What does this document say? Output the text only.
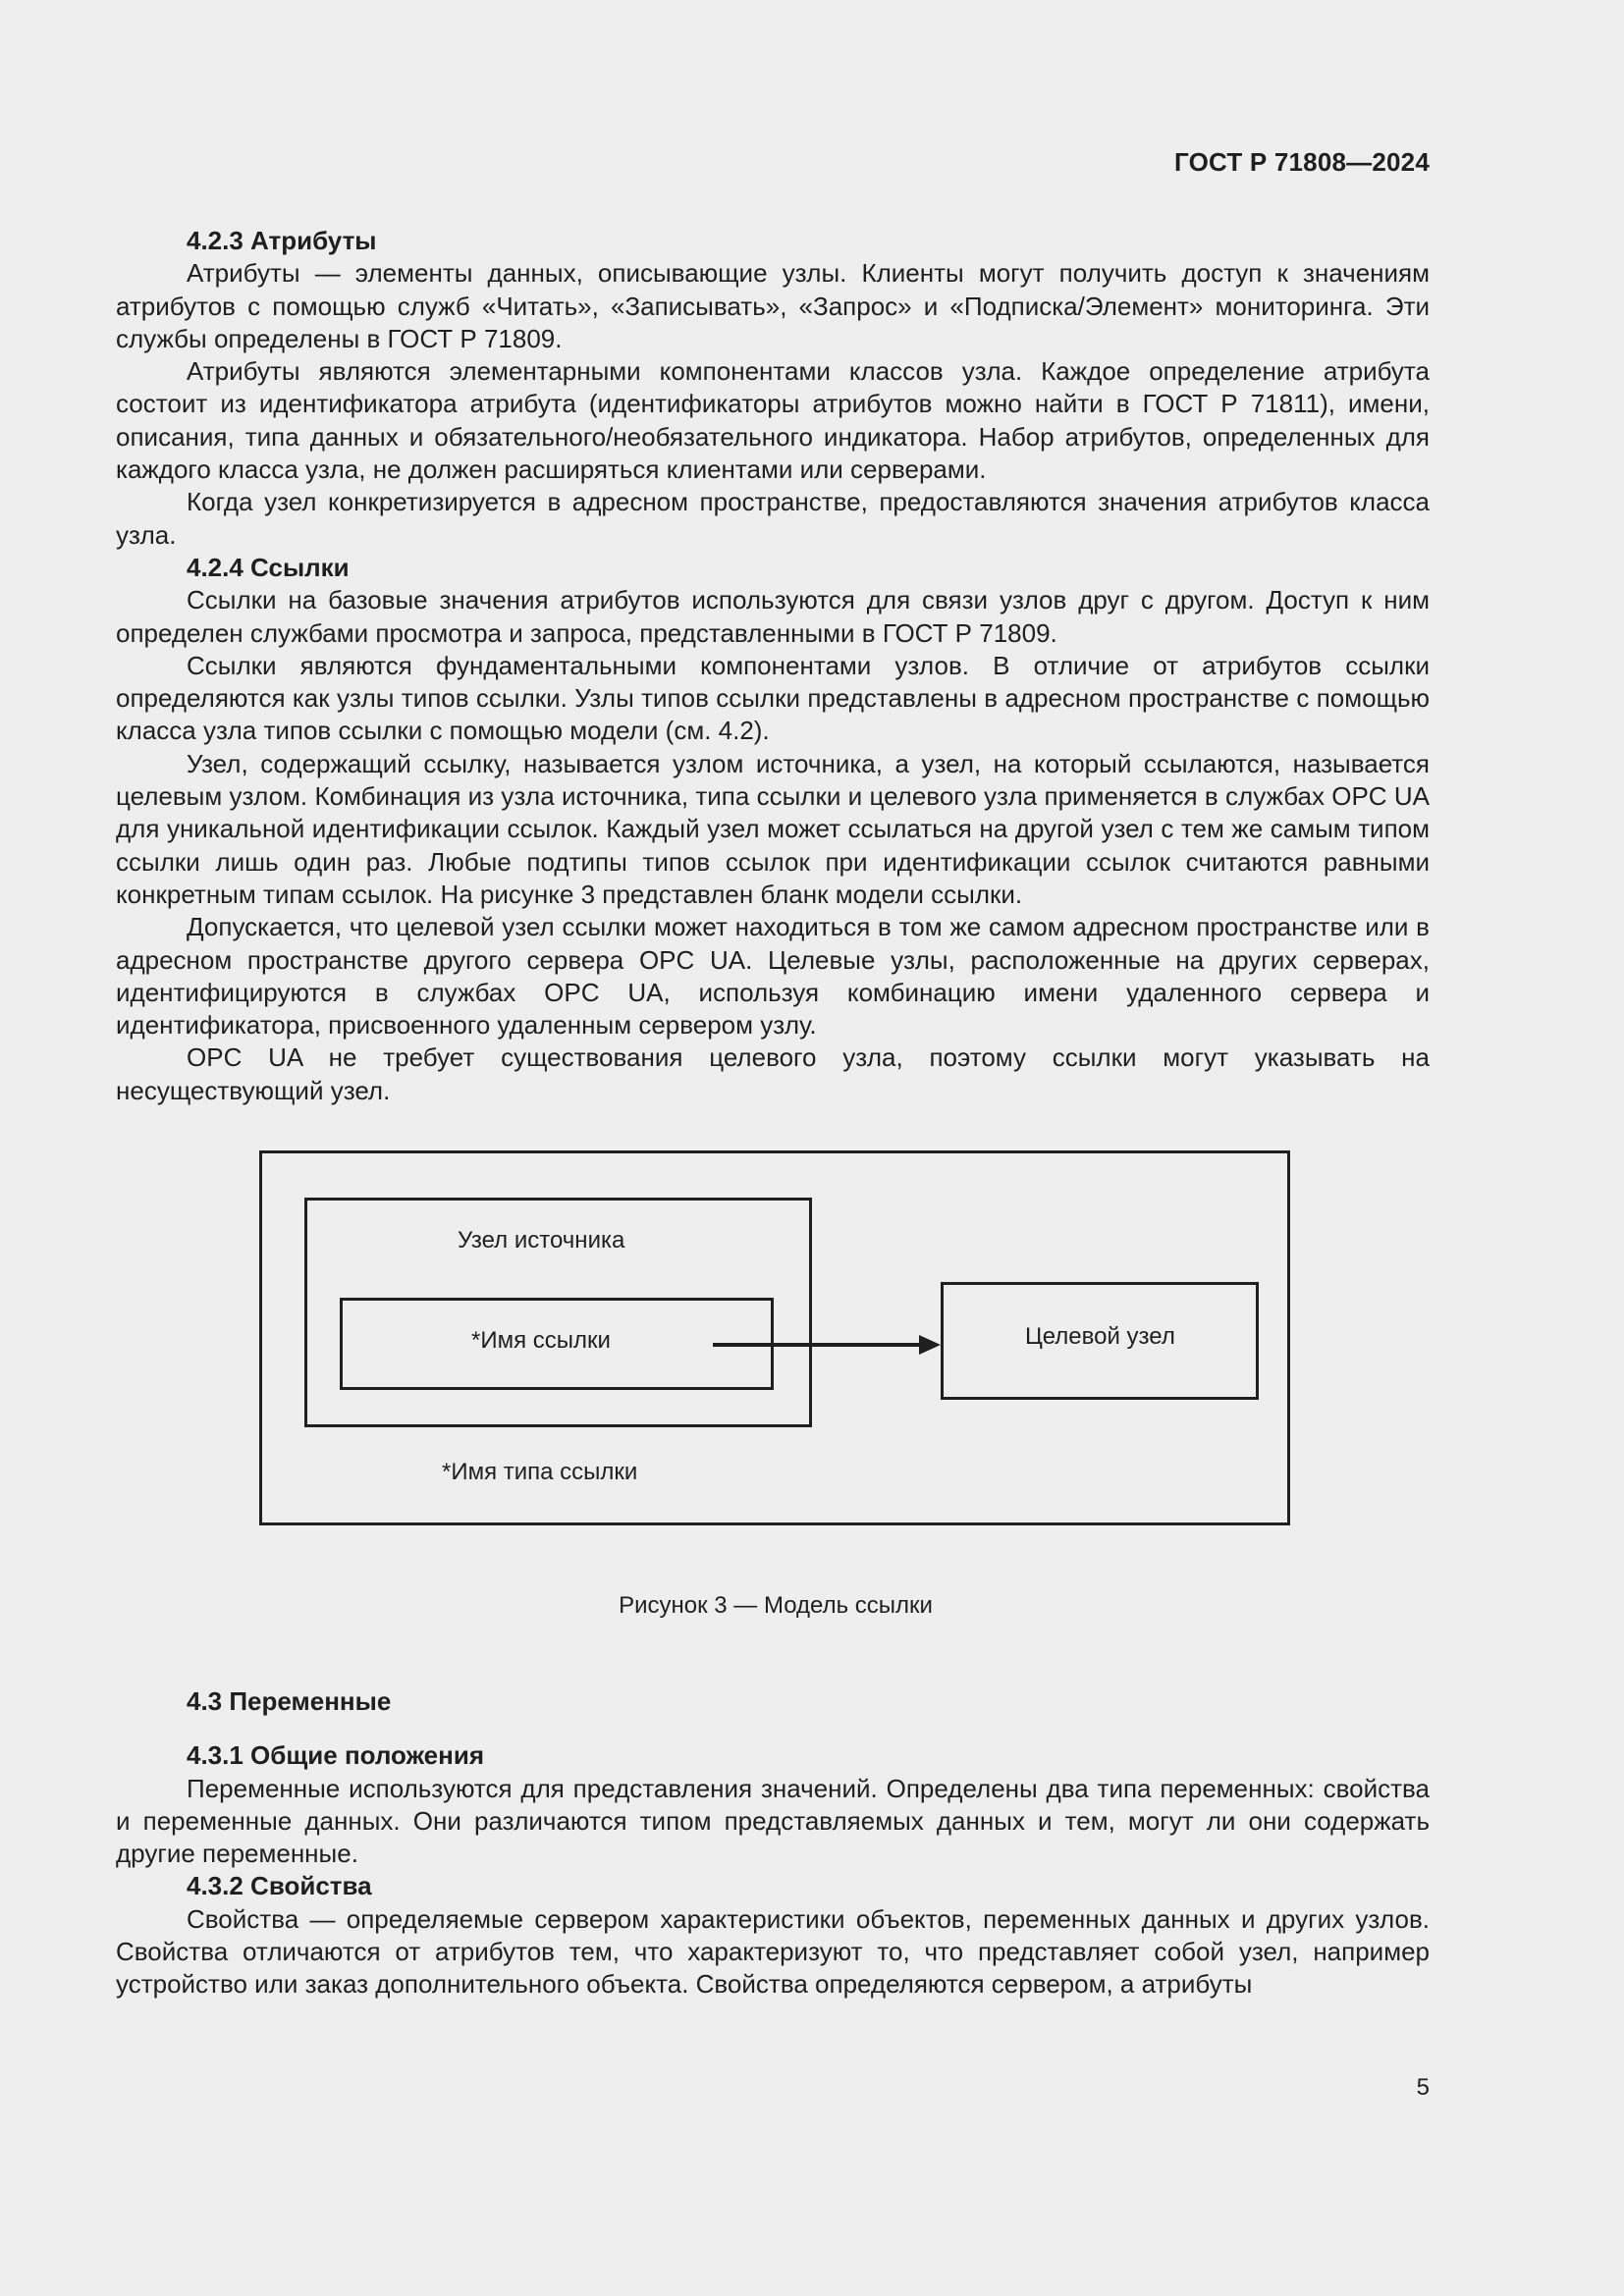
ГОСТ Р 71808—2024
4.2.3 Атрибуты

Атрибуты — элементы данных, описывающие узлы. Клиенты могут получить доступ к значениям атрибутов с помощью служб «Читать», «Записывать», «Запрос» и «Подписка/Элемент» мониторинга. Эти службы определены в ГОСТ Р 71809.

Атрибуты являются элементарными компонентами классов узла. Каждое определение атрибута состоит из идентификатора атрибута (идентификаторы атрибутов можно найти в ГОСТ Р 71811), имени, описания, типа данных и обязательного/необязательного индикатора. Набор атрибутов, определенных для каждого класса узла, не должен расширяться клиентами или серверами.

Когда узел конкретизируется в адресном пространстве, предоставляются значения атрибутов класса узла.

4.2.4 Ссылки

Ссылки на базовые значения атрибутов используются для связи узлов друг с другом. Доступ к ним определен службами просмотра и запроса, представленными в ГОСТ Р 71809.

Ссылки являются фундаментальными компонентами узлов. В отличие от атрибутов ссылки определяются как узлы типов ссылки. Узлы типов ссылки представлены в адресном пространстве с помощью класса узла типов ссылки с помощью модели (см. 4.2).

Узел, содержащий ссылку, называется узлом источника, а узел, на который ссылаются, называется целевым узлом. Комбинация из узла источника, типа ссылки и целевого узла применяется в службах OPC UA для уникальной идентификации ссылок. Каждый узел может ссылаться на другой узел с тем же самым типом ссылки лишь один раз. Любые подтипы типов ссылок при идентификации ссылок считаются равными конкретным типам ссылок. На рисунке 3 представлен бланк модели ссылки.

Допускается, что целевой узел ссылки может находиться в том же самом адресном пространстве или в адресном пространстве другого сервера OPC UA. Целевые узлы, расположенные на других серверах, идентифицируются в службах OPC UA, используя комбинацию имени удаленного сервера и идентификатора, присвоенного удаленным сервером узлу.

OPC UA не требует существования целевого узла, поэтому ссылки могут указывать на несуществующий узел.

Узел источника
*Имя ссылки	Целевой узел
*Имя типа ссылки
Рисунок 3 — Модель ссылки
4.3 Переменные
4.3.1 Общие положения

Переменные используются для представления значений. Определены два типа переменных: свойства и переменные данных. Они различаются типом представляемых данных и тем, могут ли они содержать другие переменные.

4.3.2 Свойства

Свойства — определяемые сервером характеристики объектов, переменных данных и других узлов. Свойства отличаются от атрибутов тем, что характеризуют то, что представляет собой узел, например устройство или заказ дополнительного объекта. Свойства определяются сервером, а атрибуты

5
